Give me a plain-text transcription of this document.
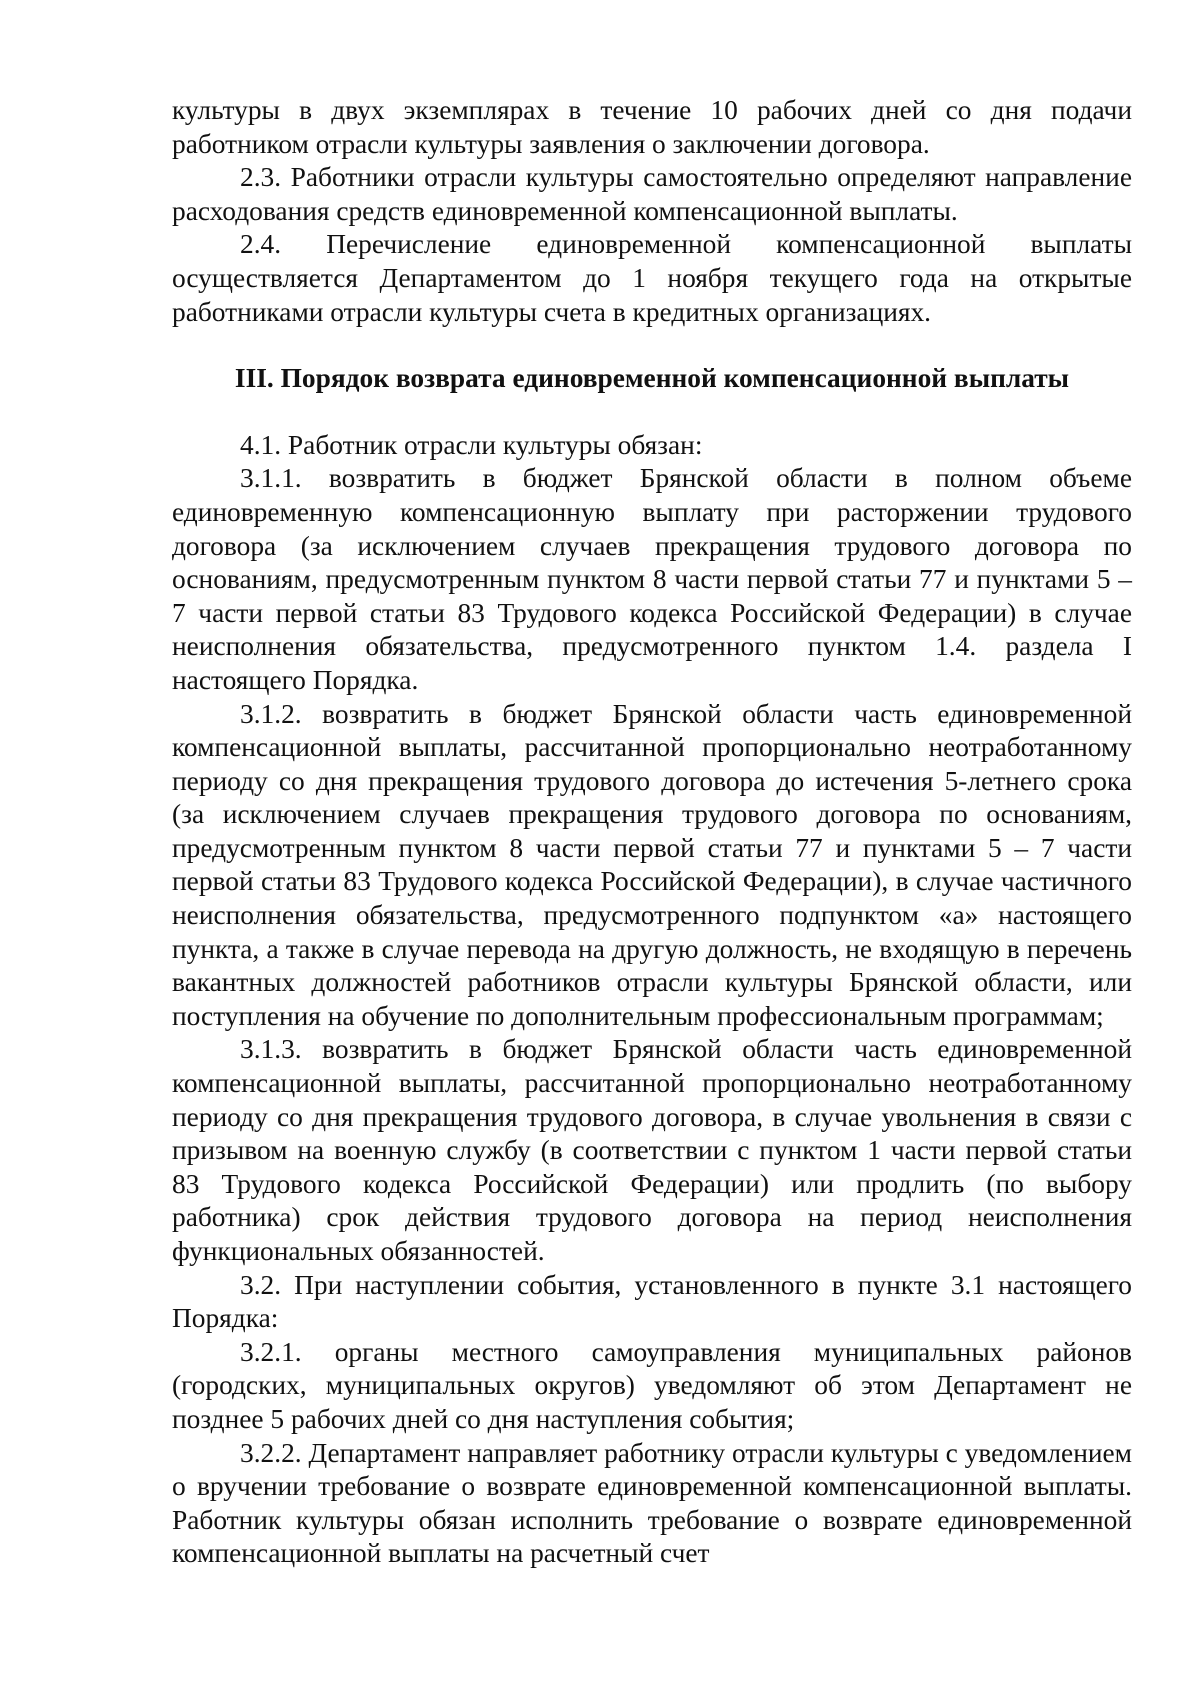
культуры в двух экземплярах в течение 10 рабочих дней со дня подачи работником отрасли культуры заявления о заключении договора.

2.3. Работники отрасли культуры самостоятельно определяют направление расходования средств единовременной компенсационной выплаты.

2.4. Перечисление единовременной компенсационной выплаты осуществляется Департаментом до 1 ноября текущего года на открытые работниками отрасли культуры счета в кредитных организациях.

III. Порядок возврата единовременной компенсационной выплаты

4.1. Работник отрасли культуры обязан:

3.1.1. возвратить в бюджет Брянской области в полном объеме единовременную компенсационную выплату при расторжении трудового договора (за исключением случаев прекращения трудового договора по основаниям, предусмотренным пунктом 8 части первой статьи 77 и пунктами 5 – 7 части первой статьи 83 Трудового кодекса Российской Федерации) в случае неисполнения обязательства, предусмотренного пунктом 1.4. раздела I настоящего Порядка.

3.1.2. возвратить в бюджет Брянской области часть единовременной компенсационной выплаты, рассчитанной пропорционально неотработанному периоду со дня прекращения трудового договора до истечения 5-летнего срока (за исключением случаев прекращения трудового договора по основаниям, предусмотренным пунктом 8 части первой статьи 77 и пунктами 5 – 7 части первой статьи 83 Трудового кодекса Российской Федерации), в случае частичного неисполнения обязательства, предусмотренного подпунктом «а» настоящего пункта, а также в случае перевода на другую должность, не входящую в перечень вакантных должностей работников отрасли культуры Брянской области, или поступления на обучение по дополнительным профессиональным программам;

3.1.3. возвратить в бюджет Брянской области часть единовременной компенсационной выплаты, рассчитанной пропорционально неотработанному периоду со дня прекращения трудового договора, в случае увольнения в связи с призывом на военную службу (в соответствии с пунктом 1 части первой статьи 83 Трудового кодекса Российской Федерации) или продлить (по выбору работника) срок действия трудового договора на период неисполнения функциональных обязанностей.

3.2. При наступлении события, установленного в пункте 3.1 настоящего Порядка:

3.2.1. органы местного самоуправления муниципальных районов (городских, муниципальных округов) уведомляют об этом Департамент не позднее 5 рабочих дней со дня наступления события;

3.2.2. Департамент направляет работнику отрасли культуры с уведомлением о вручении требование о возврате единовременной компенсационной выплаты. Работник культуры обязан исполнить требование о возврате единовременной компенсационной выплаты на расчетный счет
